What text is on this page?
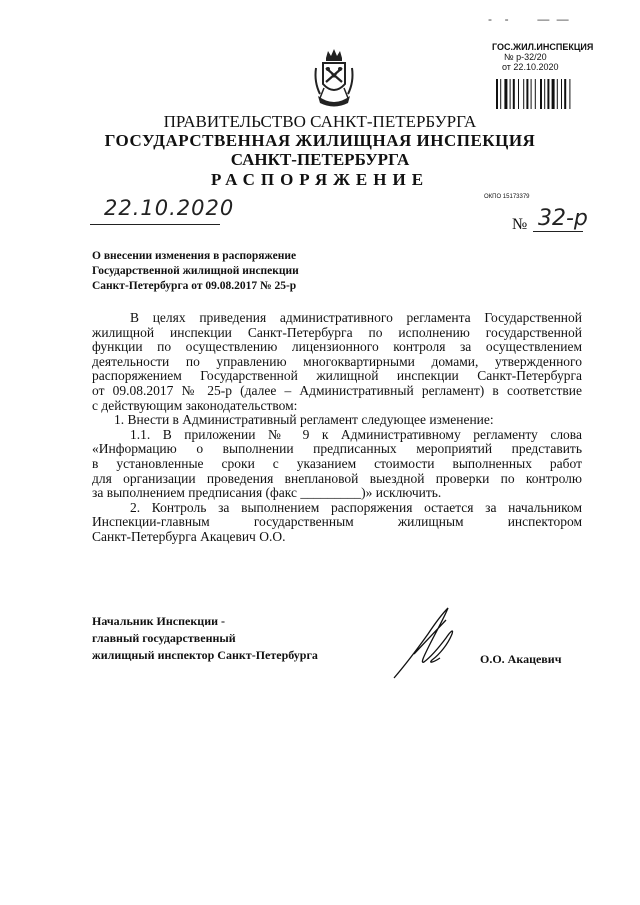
-  -     — —
ГОС.ЖИЛ.ИНСПЕКЦИЯ
№ р-32/20
от 22.10.2020
ПРАВИТЕЛЬСТВО САНКТ-ПЕТЕРБУРГА
ГОСУДАРСТВЕННАЯ ЖИЛИЩНАЯ ИНСПЕКЦИЯ
САНКТ-ПЕТЕРБУРГА
РАСПОРЯЖЕНИЕ
ОКПО 15173379
22.10.2020
№ 32-р
О внесении изменения в распоряжение
Государственной жилищной инспекции
Санкт-Петербурга от 09.08.2017 № 25-р
В целях приведения административного регламента Государственной
жилищной инспекции Санкт-Петербурга по исполнению государственной
функции по осуществлению лицензионного контроля за осуществлением
деятельности по управлению многоквартирными домами, утвержденного
распоряжением Государственной жилищной инспекции Санкт-Петербурга
от 09.08.2017 № 25-р (далее – Административный регламент) в соответствие
с действующим законодательством:
1. Внести в Административный регламент следующее изменение:
1.1. В приложении № 9 к Административному регламенту слова
«Информацию о выполнении предписанных мероприятий представить
в установленные сроки с указанием стоимости выполненных работ
для организации проведения внеплановой выездной проверки по контролю
за выполнением предписания (факс _________)» исключить.
2. Контроль за выполнением распоряжения остается за начальником
Инспекции-главным государственным жилищным инспектором
Санкт-Петербурга Акацевич О.О.
Начальник Инспекции -
главный государственный
жилищный инспектор Санкт-Петербурга	О.О. Акацевич
